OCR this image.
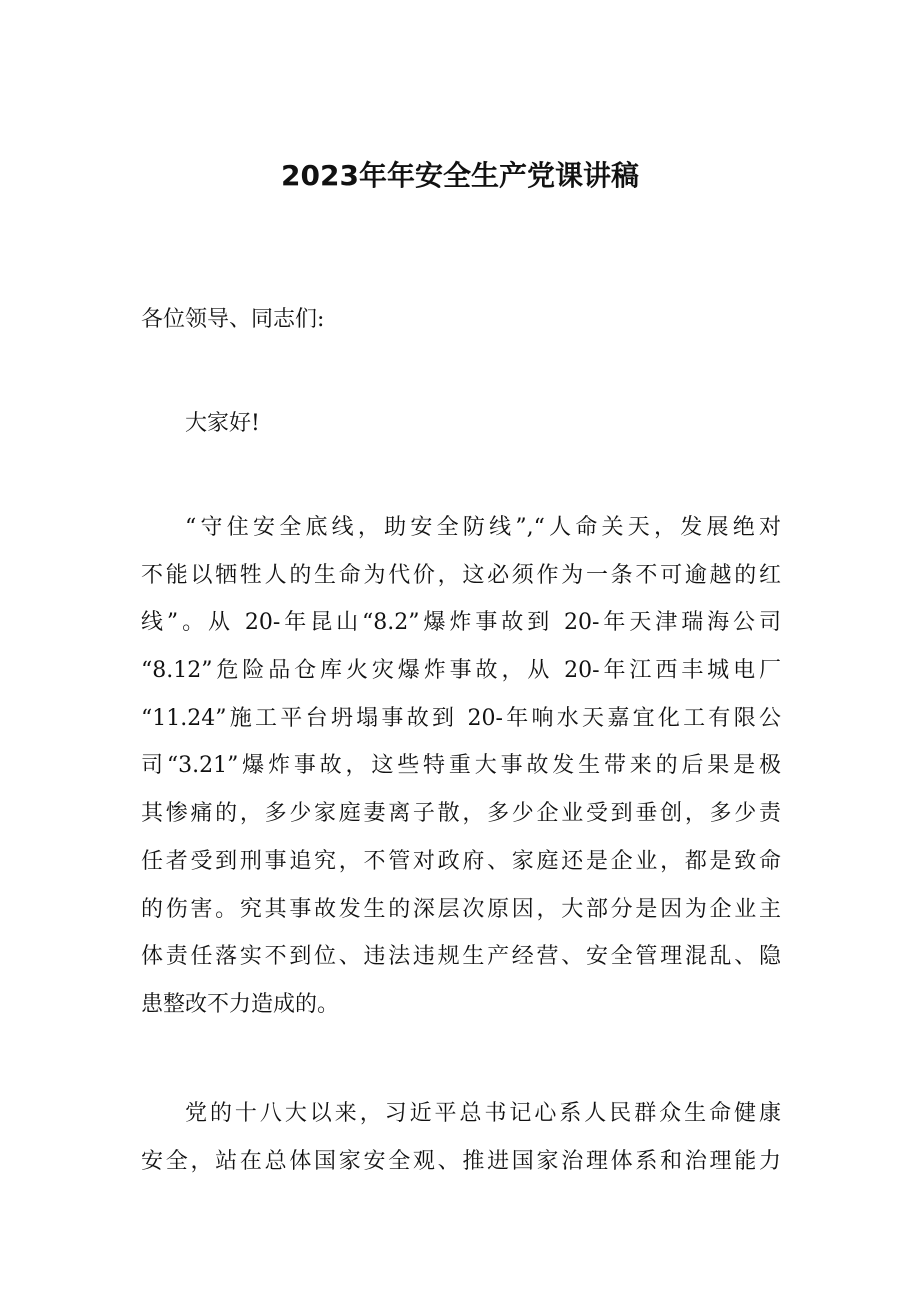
2023年年安全生产党课讲稿
各位领导、同志们:
大家好!
“守住安全底线，助安全防线”,“人命关天，发展绝对
不能以牺牲人的生命为代价，这必须作为一条不可逾越的红
线”。从 20-年昆山“8.2”爆炸事故到 20-年天津瑞海公司
“8.12”危险品仓库火灾爆炸事故，从 20-年江西丰城电厂
“11.24”施工平台坍塌事故到 20-年响水天嘉宜化工有限公
司“3.21”爆炸事故，这些特重大事故发生带来的后果是极
其惨痛的，多少家庭妻离子散，多少企业受到垂创，多少责
任者受到刑事追究，不管对政府、家庭还是企业，都是致命
的伤害。究其事故发生的深层次原因，大部分是因为企业主
体责任落实不到位、违法违规生产经营、安全管理混乱、隐
患整改不力造成的。
党的十八大以来，习近平总书记心系人民群众生命健康
安全，站在总体国家安全观、推进国家治理体系和治理能力
